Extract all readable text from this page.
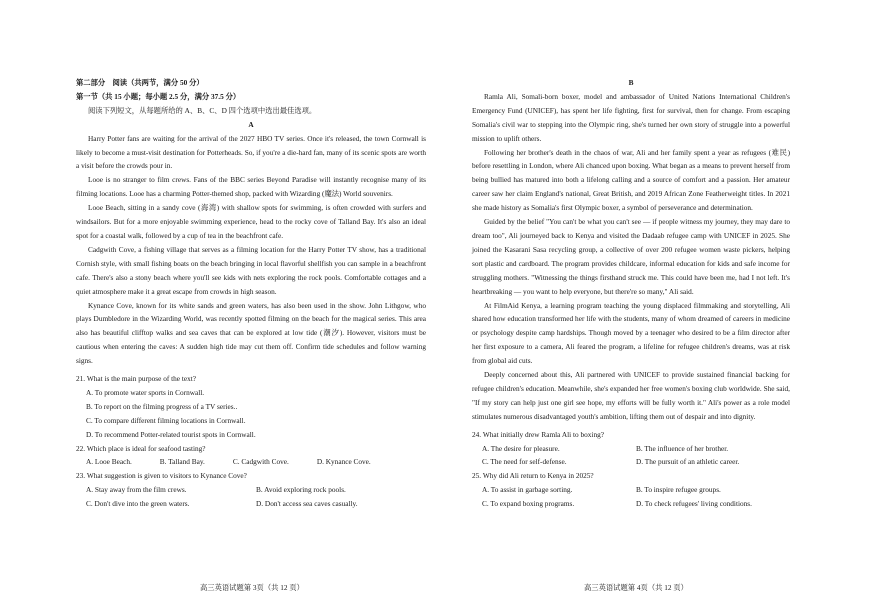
第二部分　阅读（共两节，满分 50 分）

第一节（共 15 小题；每小题 2.5 分，满分 37.5 分）

阅读下列短文，从每题所给的 A、B、C、D 四个选项中选出最佳选项。

A

Harry Potter fans are waiting for the arrival of the 2027 HBO TV series. Once it's released, the town Cornwall is likely to become a must-visit destination for Potterheads. So, if you're a die-hard fan, many of its scenic spots are worth a visit before the crowds pour in.

Looe is no stranger to film crews. Fans of the BBC series Beyond Paradise will instantly recognise many of its filming locations. Looe has a charming Potter-themed shop, packed with Wizarding (魔法) World souvenirs.

Looe Beach, sitting in a sandy cove (海湾) with shallow spots for swimming, is often crowded with surfers and windsailors. But for a more enjoyable swimming experience, head to the rocky cove of Talland Bay. It's also an ideal spot for a coastal walk, followed by a cup of tea in the beachfront cafe.

Cadgwith Cove, a fishing village that serves as a filming location for the Harry Potter TV show, has a traditional Cornish style, with small fishing boats on the beach bringing in local flavorful shellfish you can sample in a beachfront cafe. There's also a stony beach where you'll see kids with nets exploring the rock pools. Comfortable cottages and a quiet atmosphere make it a great escape from crowds in high season.

Kynance Cove, known for its white sands and green waters, has also been used in the show. John Lithgow, who plays Dumbledore in the Wizarding World, was recently spotted filming on the beach for the magical series. This area also has beautiful clifftop walks and sea caves that can be explored at low tide (潮汐). However, visitors must be cautious when entering the caves: A sudden high tide may cut them off. Confirm tide schedules and follow warning signs.

21. What is the main purpose of the text?

A. To promote water sports in Cornwall.

B. To report on the filming progress of a TV series..

C. To compare different filming locations in Cornwall.

D. To recommend Potter-related tourist spots in Cornwall.

22. Which place is ideal for seafood tasting?

A. Looe Beach.	B. Talland Bay.	C. Cadgwith Cove.	D. Kynance Cove.

23. What suggestion is given to visitors to Kynance Cove?

A. Stay away from the film crews.	B. Avoid exploring rock pools.
C. Don't dive into the green waters.	D. Don't access sea caves casually.

B

Ramla Ali, Somali-born boxer, model and ambassador of United Nations International Children's Emergency Fund (UNICEF), has spent her life fighting, first for survival, then for change. From escaping Somalia's civil war to stepping into the Olympic ring, she's turned her own story of struggle into a powerful mission to uplift others.

Following her brother's death in the chaos of war, Ali and her family spent a year as refugees (难民) before resettling in London, where Ali chanced upon boxing. What began as a means to prevent herself from being bullied has matured into both a lifelong calling and a source of comfort and a passion. Her amateur career saw her claim England's national, Great British, and 2019 African Zone Featherweight titles. In 2021 she made history as Somalia's first Olympic boxer, a symbol of perseverance and determination.

Guided by the belief "You can't be what you can't see — if people witness my journey, they may dare to dream too", Ali journeyed back to Kenya and visited the Dadaab refugee camp with UNICEF in 2025. She joined the Kasarani Sasa recycling group, a collective of over 200 refugee women waste pickers, helping sort plastic and cardboard. The program provides childcare, informal education for kids and safe income for struggling mothers. "Witnessing the things firsthand struck me. This could have been me, had I not left. It's heartbreaking — you want to help everyone, but there're so many," Ali said.

At FilmAid Kenya, a learning program teaching the young displaced filmmaking and storytelling, Ali shared how education transformed her life with the students, many of whom dreamed of careers in medicine or psychology despite camp hardships. Though moved by a teenager who desired to be a film director after her first exposure to a camera, Ali feared the program, a lifeline for refugee children's dreams, was at risk from global aid cuts.

Deeply concerned about this, Ali partnered with UNICEF to provide sustained financial backing for refugee children's education. Meanwhile, she's expanded her free women's boxing club worldwide. She said, "If my story can help just one girl see hope, my efforts will be fully worth it." Ali's power as a role model stimulates numerous disadvantaged youth's ambition, lifting them out of despair and into dignity.

24. What initially drew Ramla Ali to boxing?

A. The desire for pleasure.	B. The influence of her brother.
C. The need for self-defense.	D. The pursuit of an athletic career.

25. Why did Ali return to Kenya in 2025?

A. To assist in garbage sorting.	B. To inspire refugee groups.
C. To expand boxing programs.	D. To check refugees' living conditions.
高三英语试题第 3页（共 12 页）	高三英语试题第 4页（共 12 页）
